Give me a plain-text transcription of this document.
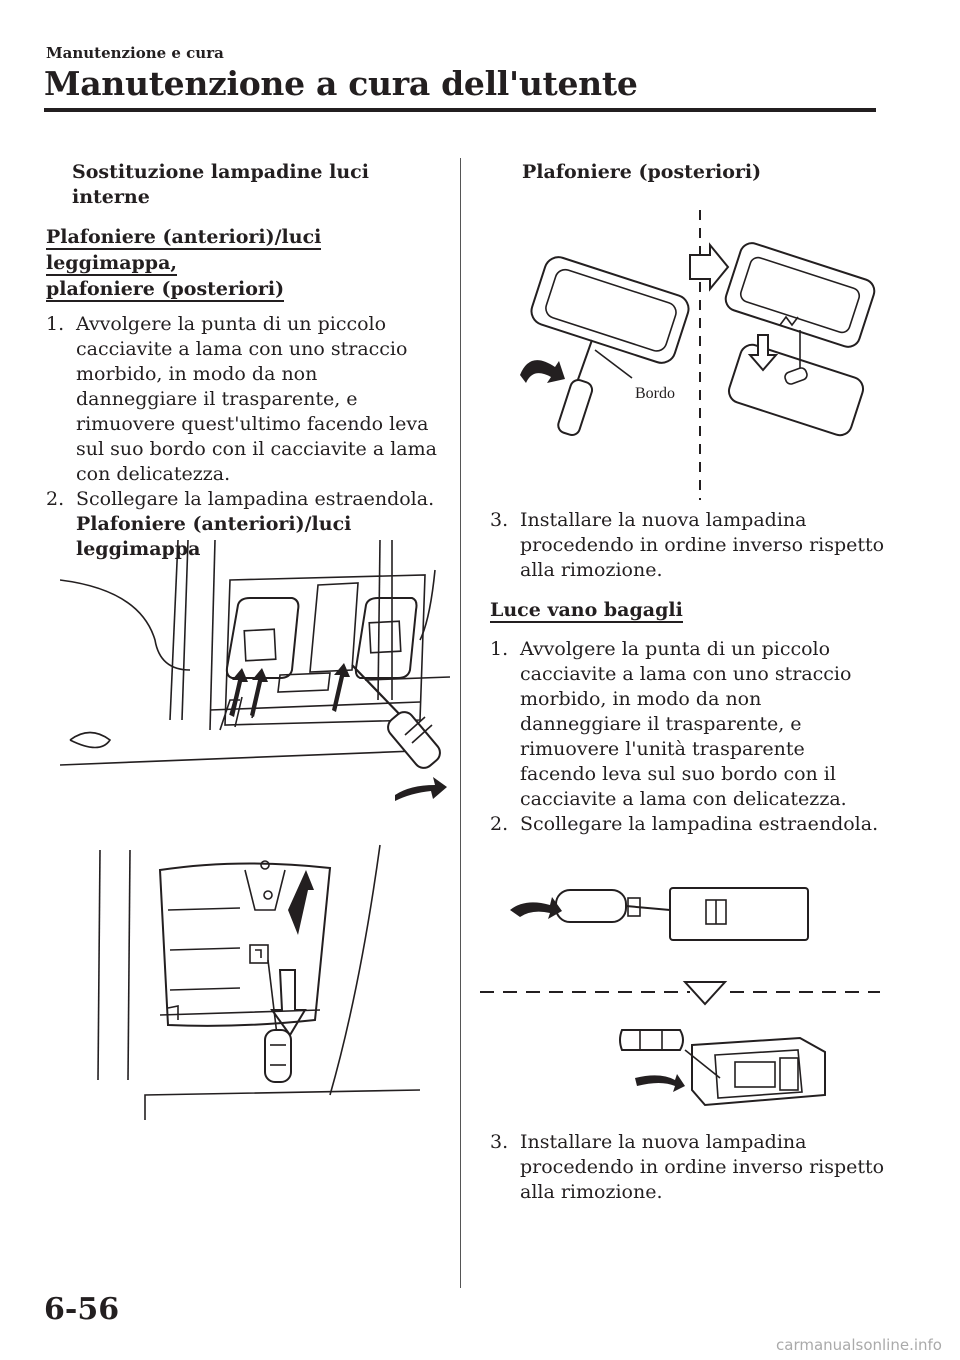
Manutenzione e cura
Manutenzione a cura dell'utente
Sostituzione lampadine luci interne
Plafoniere (anteriori)/luci leggimappa,
plafoniere (posteriori)
1. Avvolgere la punta di un piccolo cacciavite a lama con uno straccio morbido, in modo da non danneggiare il trasparente, e rimuovere quest'ultimo facendo leva sul suo bordo con il cacciavite a lama con delicatezza.
2. Scollegare la lampadina estraendola.
Plafoniere (anteriori)/luci
leggimappa
Plafoniere (posteriori)
Bordo
3. Installare la nuova lampadina procedendo in ordine inverso rispetto alla rimozione.
Luce vano bagagli
1. Avvolgere la punta di un piccolo cacciavite a lama con uno straccio morbido, in modo da non danneggiare il trasparente, e rimuovere l'unità trasparente facendo leva sul suo bordo con il cacciavite a lama con delicatezza.
2. Scollegare la lampadina estraendola.
3. Installare la nuova lampadina procedendo in ordine inverso rispetto alla rimozione.
6-56
carmanualsonline.info
